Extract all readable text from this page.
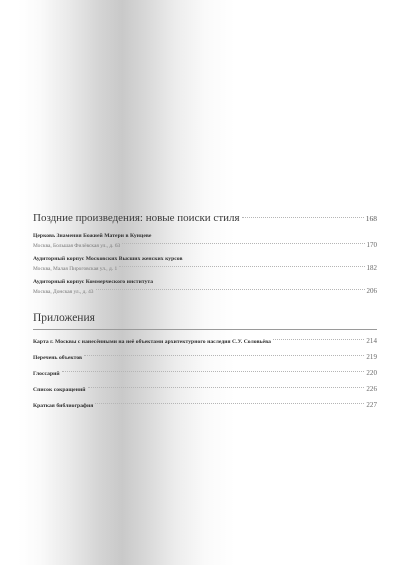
Поздние произведения: новые поиски стиля	168
Церковь Знамения Божией Матери в Кунцеве
Москва, Большая Филёвская ул., д. 63	170
Аудиторный корпус Московских Высших женских курсов
Москва, Малая Пироговская ул., д. 1	182
Аудиторный корпус Коммерческого института
Москва, Донская ул., д. 43	206
Приложения
Карта г. Москвы с нанесёнными на неё объектами архитектурного наследия С.У. Соловьёва	214
Перечень объектов	219
Глоссарий	220
Список сокращений	226
Краткая библиография	227
